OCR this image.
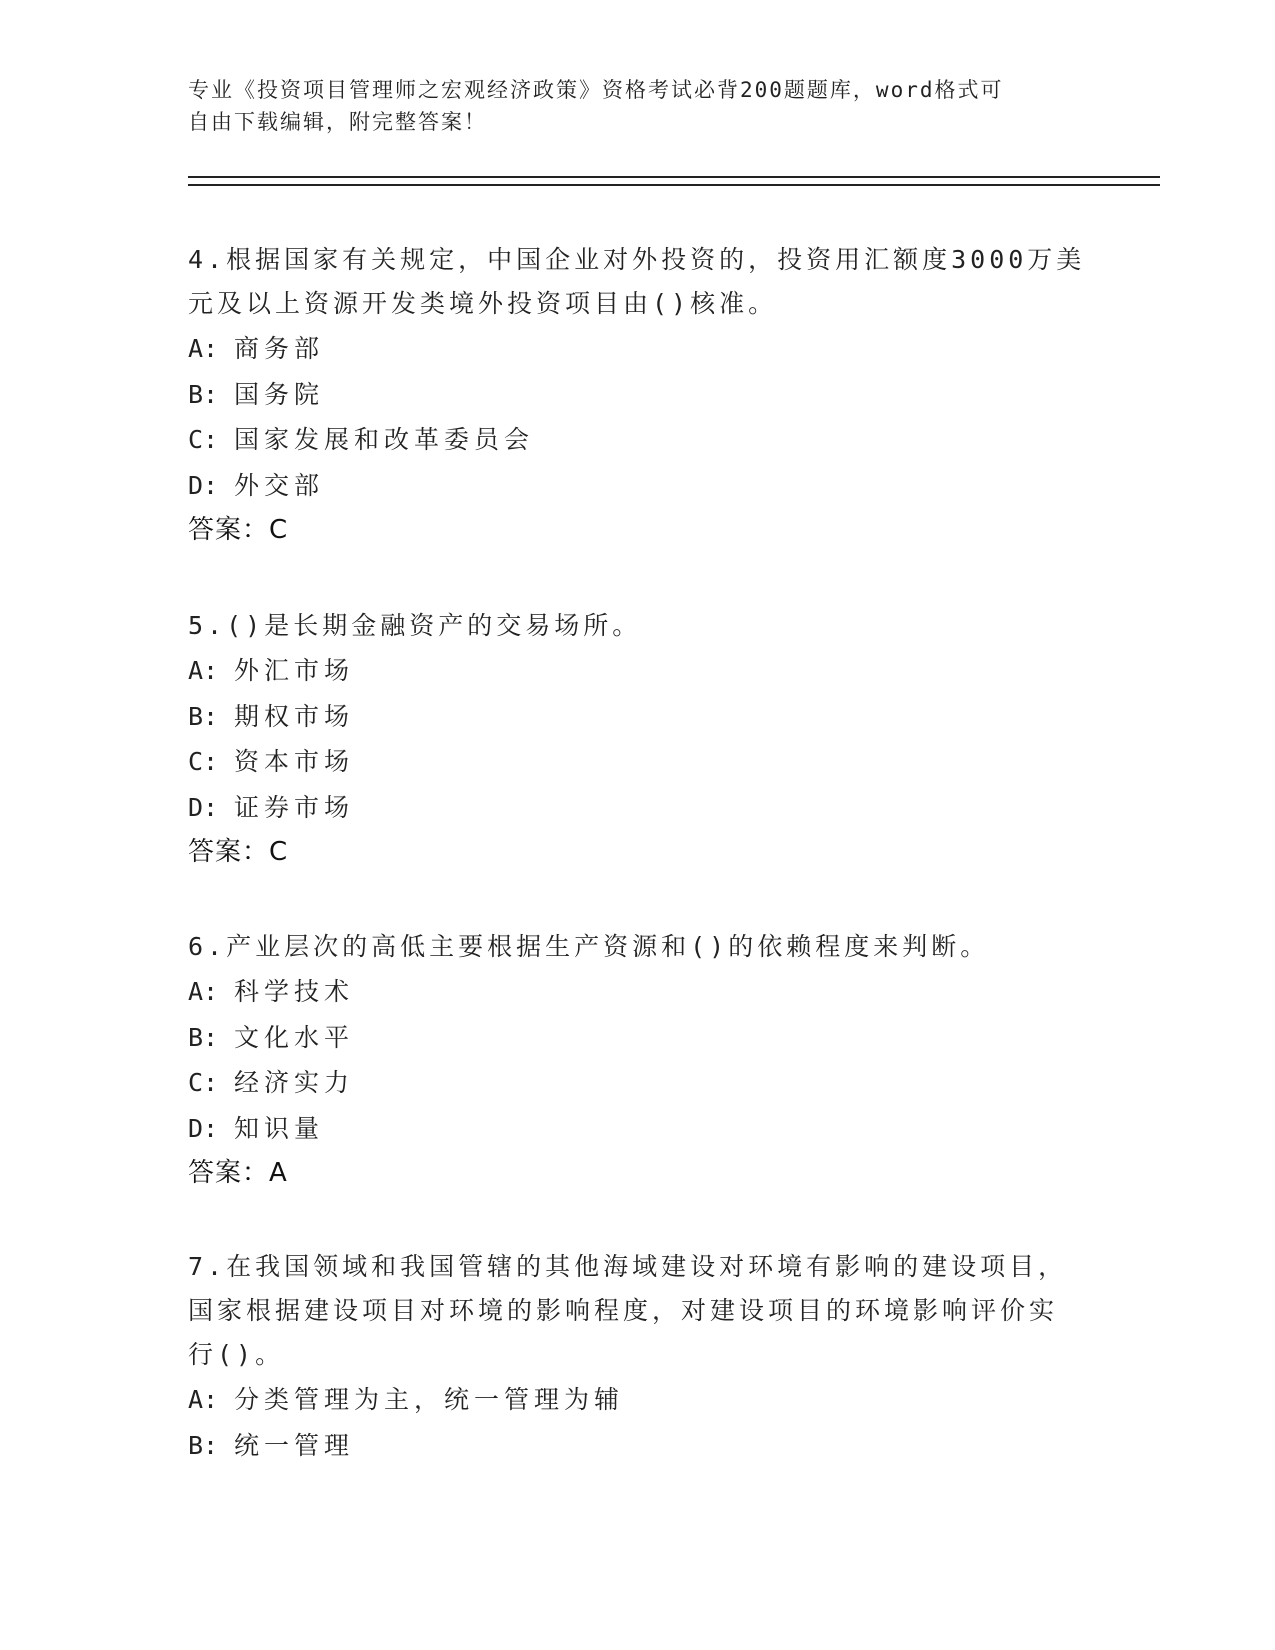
专业《投资项目管理师之宏观经济政策》资格考试必背200题题库，word格式可
自由下载编辑，附完整答案！
4.根据国家有关规定，中国企业对外投资的，投资用汇额度3000万美
元及以上资源开发类境外投资项目由()核准。
A: 商务部
B: 国务院
C: 国家发展和改革委员会
D: 外交部
答案：C
5.()是长期金融资产的交易场所。
A: 外汇市场
B: 期权市场
C: 资本市场
D: 证券市场
答案：C
6.产业层次的高低主要根据生产资源和()的依赖程度来判断。
A: 科学技术
B: 文化水平
C: 经济实力
D: 知识量
答案：A
7.在我国领域和我国管辖的其他海域建设对环境有影响的建设项目，
国家根据建设项目对环境的影响程度，对建设项目的环境影响评价实
行()。
A: 分类管理为主，统一管理为辅
B: 统一管理
